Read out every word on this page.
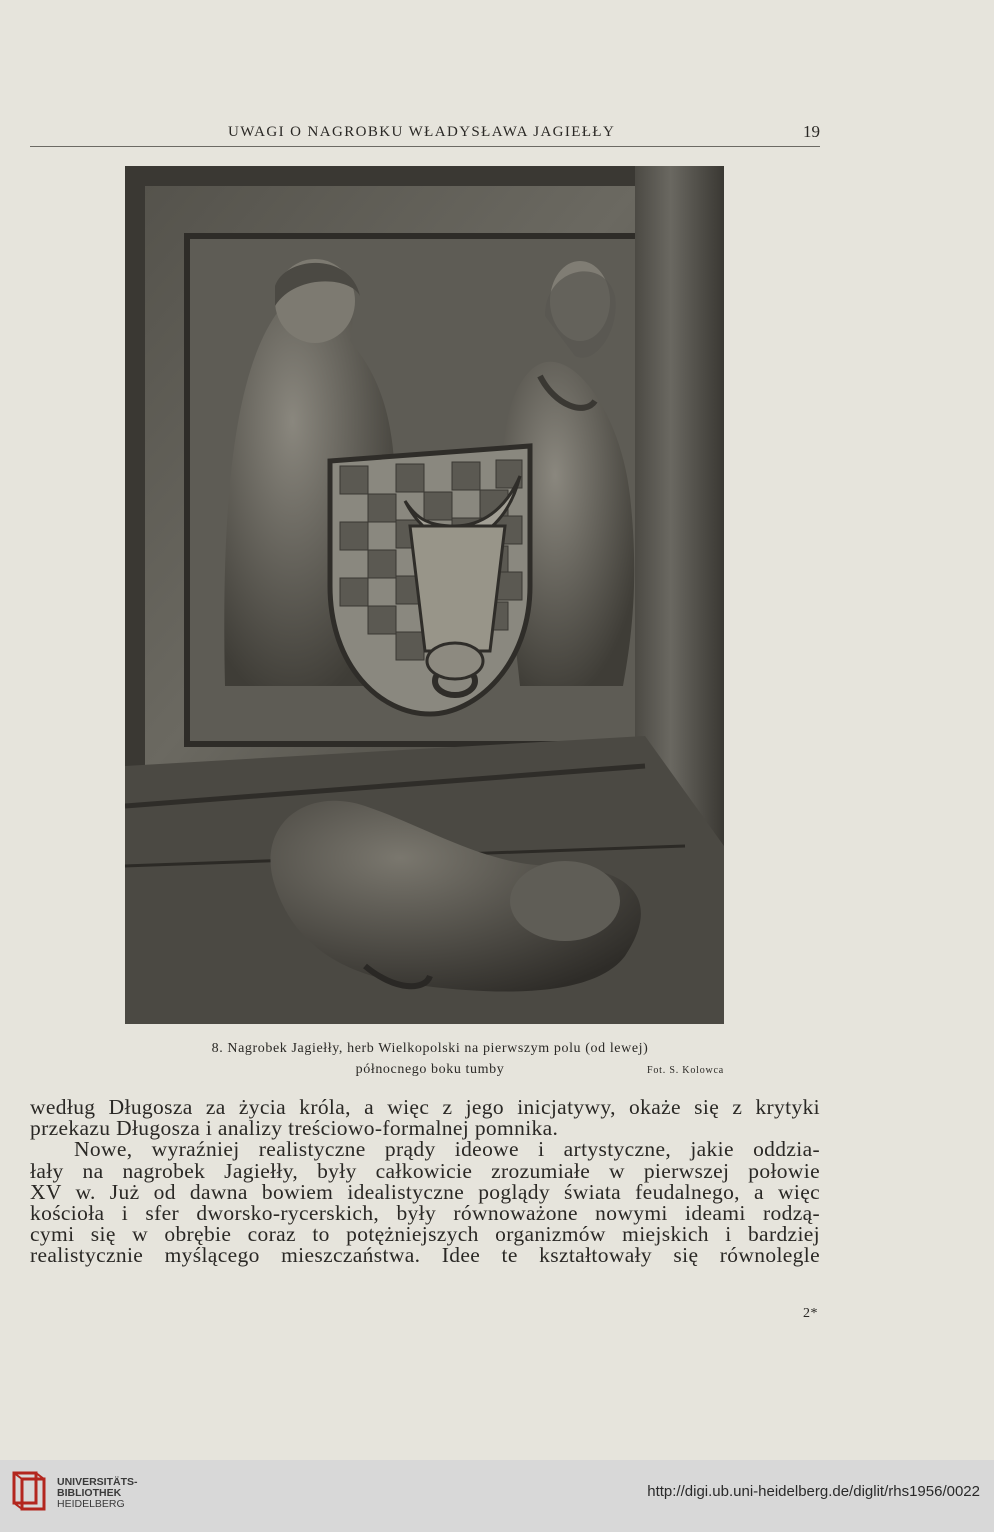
UWAGI O NAGROBKU WŁADYSŁAWA JAGIEŁŁY	19
8. Nagrobek Jagiełły, herb Wielkopolski na pierwszym polu (od lewej)
północnego boku tumby	Fot. S. Kolowca
według Długosza za życia króla, a więc z jego inicjatywy, okaże się z krytyki
przekazu Długosza i analizy treściowo-formalnej pomnika.
Nowe, wyraźniej realistyczne prądy ideowe i artystyczne, jakie oddzia-
łały na nagrobek Jagiełły, były całkowicie zrozumiałe w pierwszej połowie
XV w. Już od dawna bowiem idealistyczne poglądy świata feudalnego, a więc
kościoła i sfer dworsko-rycerskich, były równoważone nowymi ideami rodzą-
cymi się w obrębie coraz to potężniejszych organizmów miejskich i bardziej
realistycznie myślącego mieszczaństwa. Idee te kształtowały się równolegle
2*
UNIVERSITÄTS-
BIBLIOTHEK
HEIDELBERG
http://digi.ub.uni-heidelberg.de/diglit/rhs1956/0022
